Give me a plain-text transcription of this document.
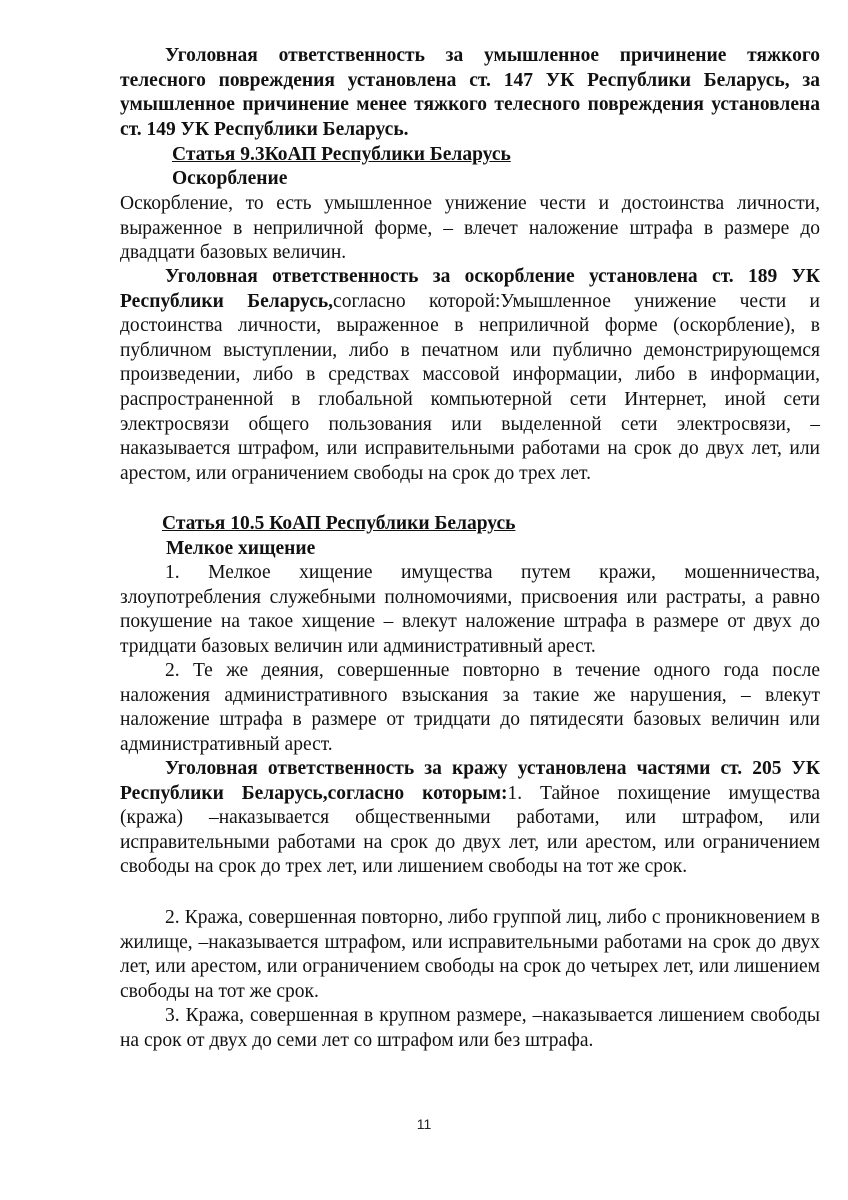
Уголовная ответственность за умышленное причинение тяжкого телесного повреждения установлена ст. 147 УК Республики Беларусь, за умышленное причинение менее тяжкого телесного повреждения установлена ст. 149 УК Республики Беларусь.

Статья 9.3КоАП Республики Беларусь

Оскорбление

Оскорбление, то есть умышленное унижение чести и достоинства личности, выраженное в неприличной форме, – влечет наложение штрафа в размере до двадцати базовых величин.

Уголовная ответственность за оскорбление установлена ст. 189 УК Республики Беларусь,согласно которой:Умышленное унижение чести и достоинства личности, выраженное в неприличной форме (оскорбление), в публичном выступлении, либо в печатном или публично демонстрирующемся произведении, либо в средствах массовой информации, либо в информации, распространенной в глобальной компьютерной сети Интернет, иной сети электросвязи общего пользования или выделенной сети электросвязи, –наказывается штрафом, или исправительными работами на срок до двух лет, или арестом, или ограничением свободы на срок до трех лет.

Статья 10.5 КоАП Республики Беларусь

Мелкое хищение

1. Мелкое хищение имущества путем кражи, мошенничества, злоупотребления служебными полномочиями, присвоения или растраты, а равно покушение на такое хищение – влекут наложение штрафа в размере от двух до тридцати базовых величин или административный арест.

2. Те же деяния, совершенные повторно в течение одного года после наложения административного взыскания за такие же нарушения, – влекут наложение штрафа в размере от тридцати до пятидесяти базовых величин или административный арест.

Уголовная ответственность за кражу установлена частями ст. 205 УК Республики Беларусь,согласно которым:1. Тайное похищение имущества (кража) –наказывается общественными работами, или штрафом, или исправительными работами на срок до двух лет, или арестом, или ограничением свободы на срок до трех лет, или лишением свободы на тот же срок.

2. Кража, совершенная повторно, либо группой лиц, либо с проникновением в жилище, –наказывается штрафом, или исправительными работами на срок до двух лет, или арестом, или ограничением свободы на срок до четырех лет, или лишением свободы на тот же срок.

3. Кража, совершенная в крупном размере, –наказывается лишением свободы на срок от двух до семи лет со штрафом или без штрафа.

11
